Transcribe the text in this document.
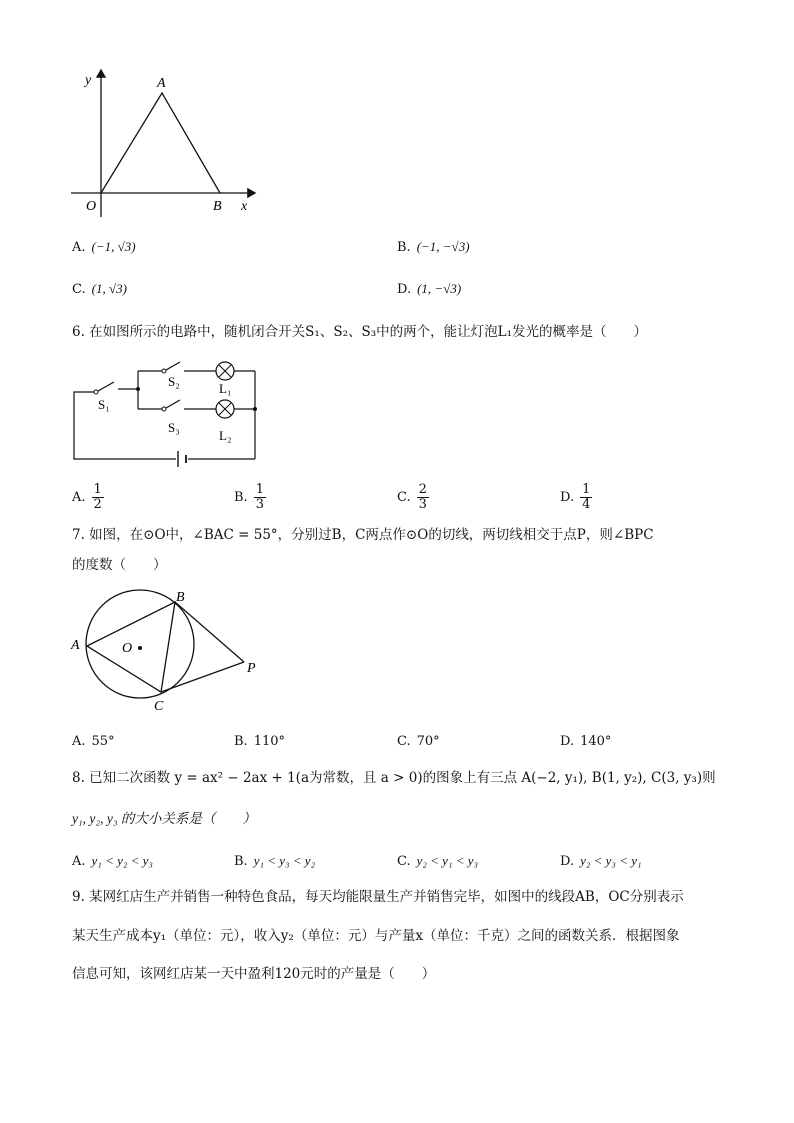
y	A
O	B x
A. (−1, √3)	B. (−1, −√3)
C. (1, √3)	D. (1, −√3)
6. 在如图所示的电路中，随机闭合开关S₁、S₂、S₃中的两个，能让灯泡L₁发光的概率是（　　）
S₁
S₂
S₃
L₁
L₂
A. $\frac{1}{2}$	B. $\frac{1}{3}$	C. $\frac{2}{3}$	D. $\frac{1}{4}$
7. 如图，在⊙O中，∠BAC = 55°，分别过B，C两点作⊙O的切线，两切线相交于点P，则∠BPC
的度数（　　）
A
B
C
O
P
A. 55°	B. 110°	C. 70°	D. 140°
8. 已知二次函数 y = ax² − 2ax + 1(a为常数，且 a > 0)的图象上有三点 A(−2, y₁), B(1, y₂), C(3, y₃)则
y₁, y₂, y₃ 的大小关系是（　　）
A. y₁ < y₂ < y₃	B. y₁ < y₃ < y₂	C. y₂ < y₁ < y₃	D. y₂ < y₃ < y₁
9. 某网红店生产并销售一种特色食品，每天均能限量生产并销售完毕，如图中的线段AB，OC分别表示
某天生产成本y₁（单位：元），收入y₂（单位：元）与产量x（单位：千克）之间的函数关系．根据图象
信息可知，该网红店某一天中盈利120元时的产量是（　　）
